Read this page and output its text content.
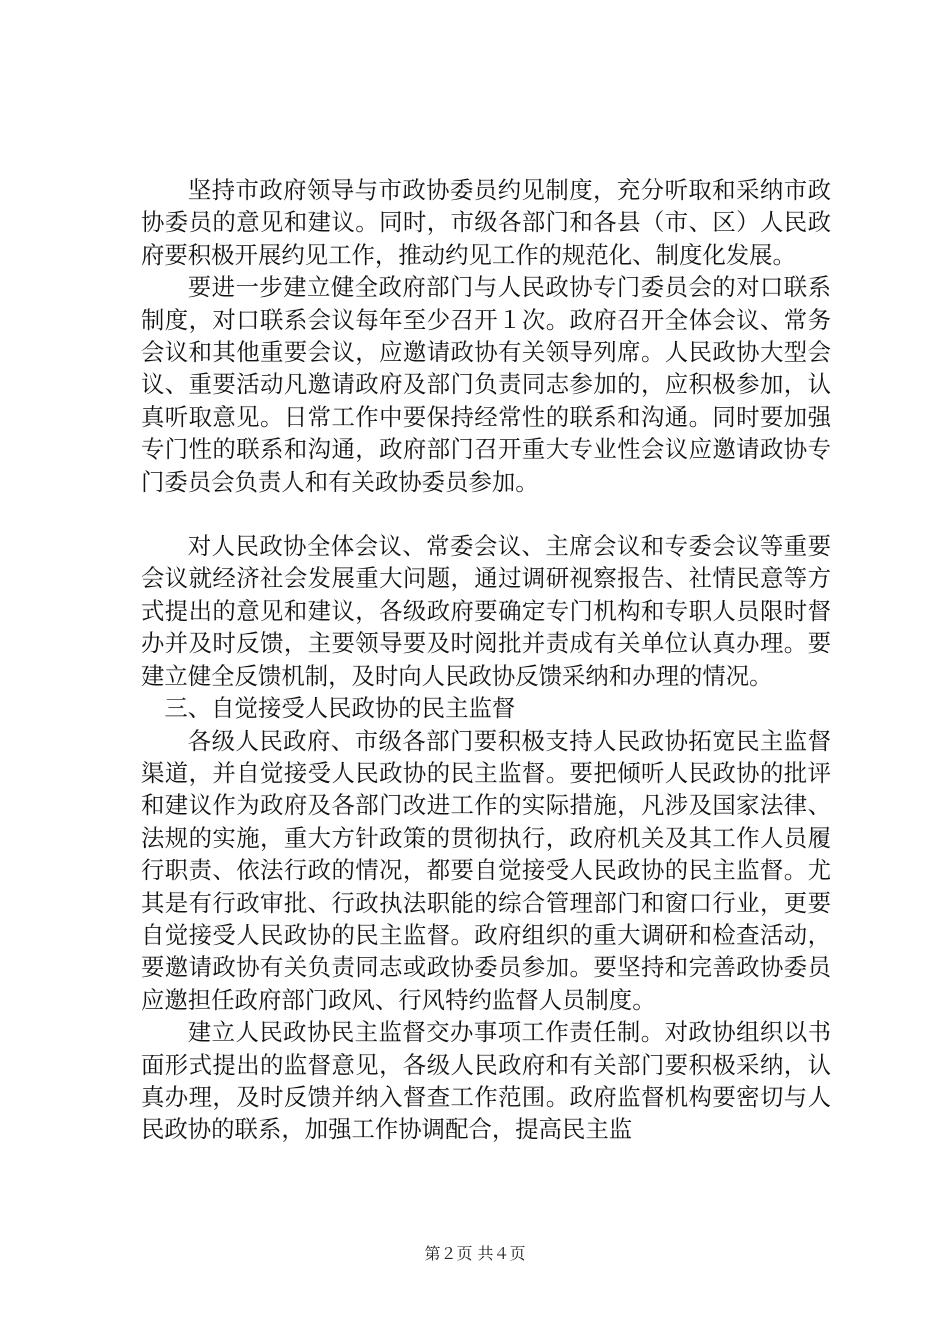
坚持市政府领导与市政协委员约见制度，充分听取和采纳市政协委员的意见和建议。同时，市级各部门和各县（市、区）人民政府要积极开展约见工作，推动约见工作的规范化、制度化发展。

要进一步建立健全政府部门与人民政协专门委员会的对口联系制度，对口联系会议每年至少召开１次。政府召开全体会议、常务会议和其他重要会议，应邀请政协有关领导列席。人民政协大型会议、重要活动凡邀请政府及部门负责同志参加的，应积极参加，认真听取意见。日常工作中要保持经常性的联系和沟通。同时要加强专门性的联系和沟通，政府部门召开重大专业性会议应邀请政协专门委员会负责人和有关政协委员参加。

对人民政协全体会议、常委会议、主席会议和专委会议等重要会议就经济社会发展重大问题，通过调研视察报告、社情民意等方式提出的意见和建议，各级政府要确定专门机构和专职人员限时督办并及时反馈，主要领导要及时阅批并责成有关单位认真办理。要建立健全反馈机制，及时向人民政协反馈采纳和办理的情况。

三、自觉接受人民政协的民主监督

各级人民政府、市级各部门要积极支持人民政协拓宽民主监督渠道，并自觉接受人民政协的民主监督。要把倾听人民政协的批评和建议作为政府及各部门改进工作的实际措施，凡涉及国家法律、法规的实施，重大方针政策的贯彻执行，政府机关及其工作人员履行职责、依法行政的情况，都要自觉接受人民政协的民主监督。尤其是有行政审批、行政执法职能的综合管理部门和窗口行业，更要自觉接受人民政协的民主监督。政府组织的重大调研和检查活动，要邀请政协有关负责同志或政协委员参加。要坚持和完善政协委员应邀担任政府部门政风、行风特约监督人员制度。

建立人民政协民主监督交办事项工作责任制。对政协组织以书面形式提出的监督意见，各级人民政府和有关部门要积极采纳，认真办理，及时反馈并纳入督查工作范围。政府监督机构要密切与人民政协的联系，加强工作协调配合，提高民主监

第２页 共４页
